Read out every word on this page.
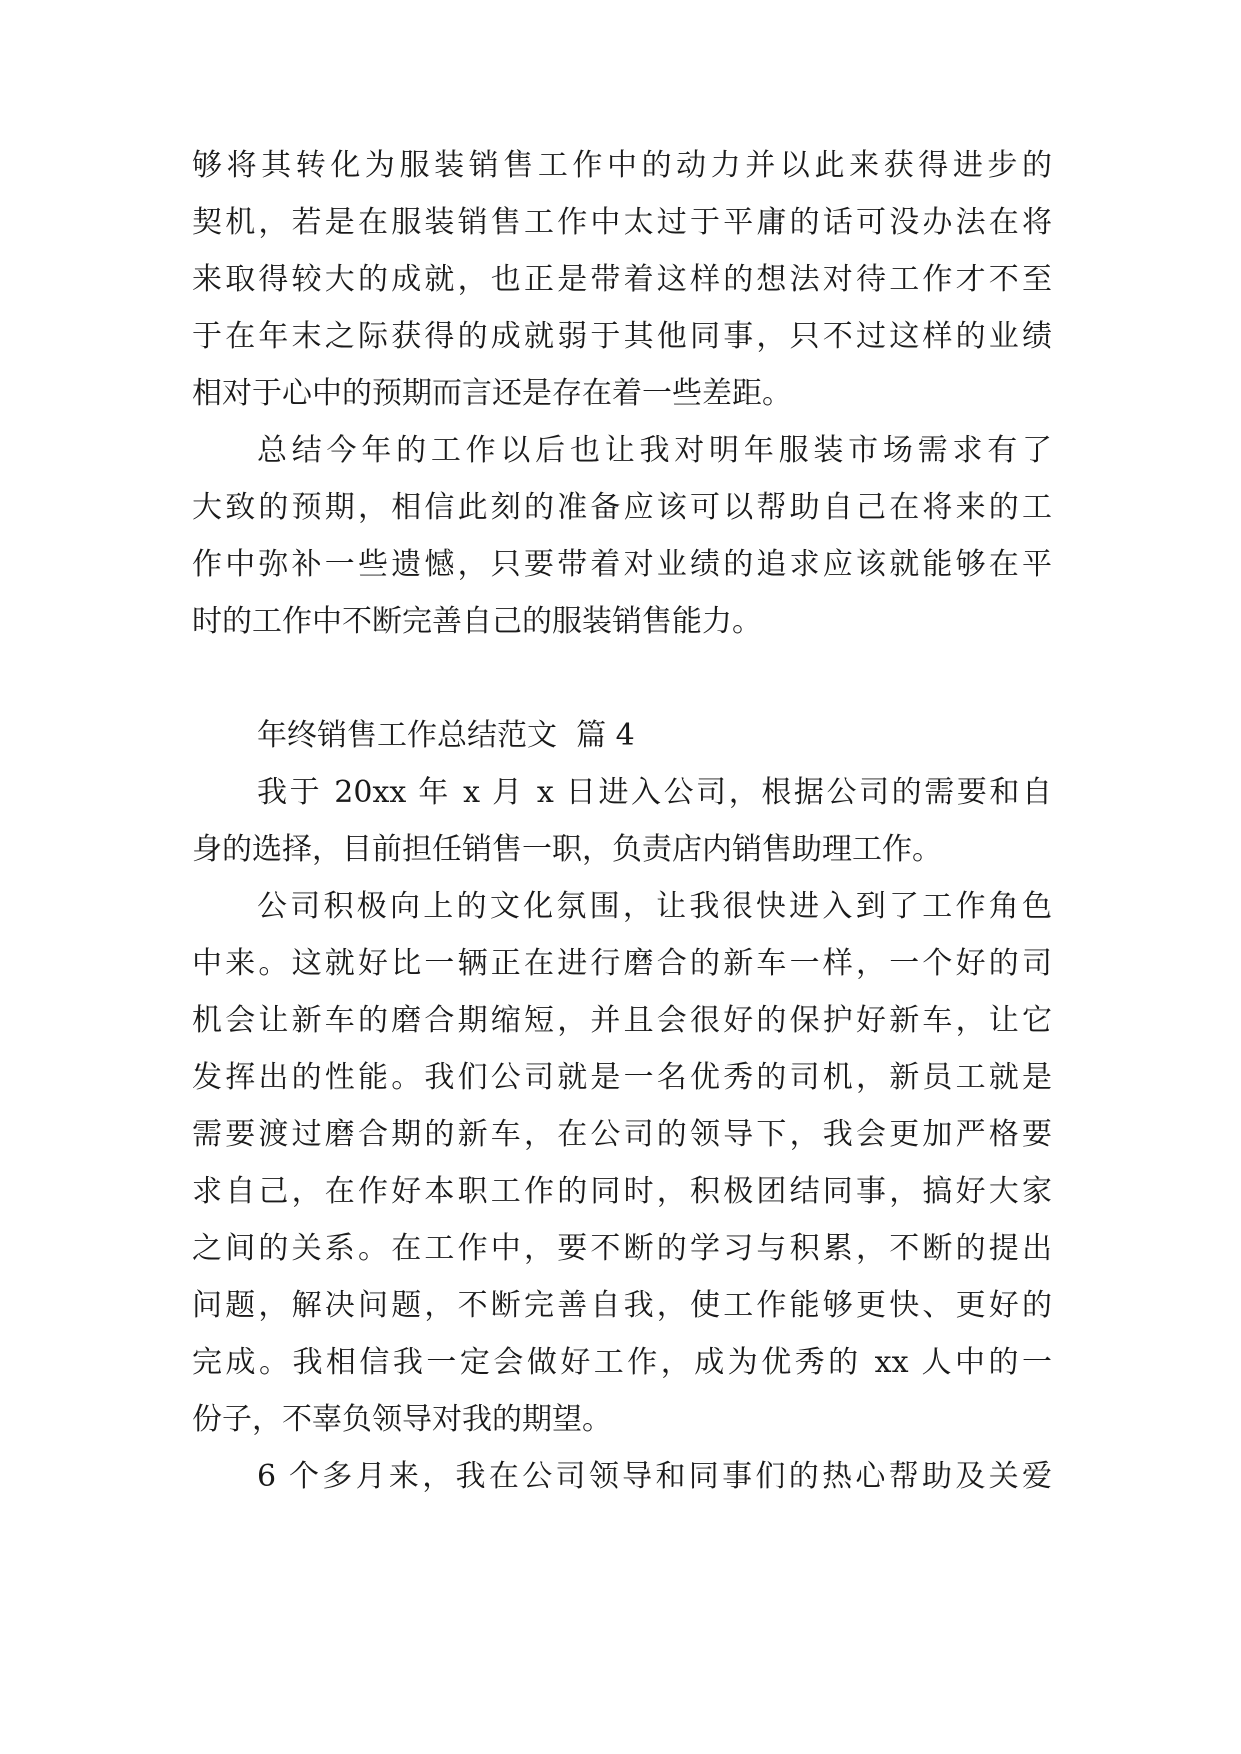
够将其转化为服装销售工作中的动力并以此来获得进步的
契机，若是在服装销售工作中太过于平庸的话可没办法在将
来取得较大的成就，也正是带着这样的想法对待工作才不至
于在年末之际获得的成就弱于其他同事，只不过这样的业绩
相对于心中的预期而言还是存在着一些差距。
总结今年的工作以后也让我对明年服装市场需求有了
大致的预期，相信此刻的准备应该可以帮助自己在将来的工
作中弥补一些遗憾，只要带着对业绩的追求应该就能够在平
时的工作中不断完善自己的服装销售能力。
年终销售工作总结范文  篇 4
我于 20xx 年 x 月 x 日进入公司，根据公司的需要和自
身的选择，目前担任销售一职，负责店内销售助理工作。
公司积极向上的文化氛围，让我很快进入到了工作角色
中来。这就好比一辆正在进行磨合的新车一样，一个好的司
机会让新车的磨合期缩短，并且会很好的保护好新车，让它
发挥出的性能。我们公司就是一名优秀的司机，新员工就是
需要渡过磨合期的新车，在公司的领导下，我会更加严格要
求自己，在作好本职工作的同时，积极团结同事，搞好大家
之间的关系。在工作中，要不断的学习与积累，不断的提出
问题，解决问题，不断完善自我，使工作能够更快、更好的
完成。我相信我一定会做好工作，成为优秀的 xx 人中的一
份子，不辜负领导对我的期望。
6 个多月来，我在公司领导和同事们的热心帮助及关爱
